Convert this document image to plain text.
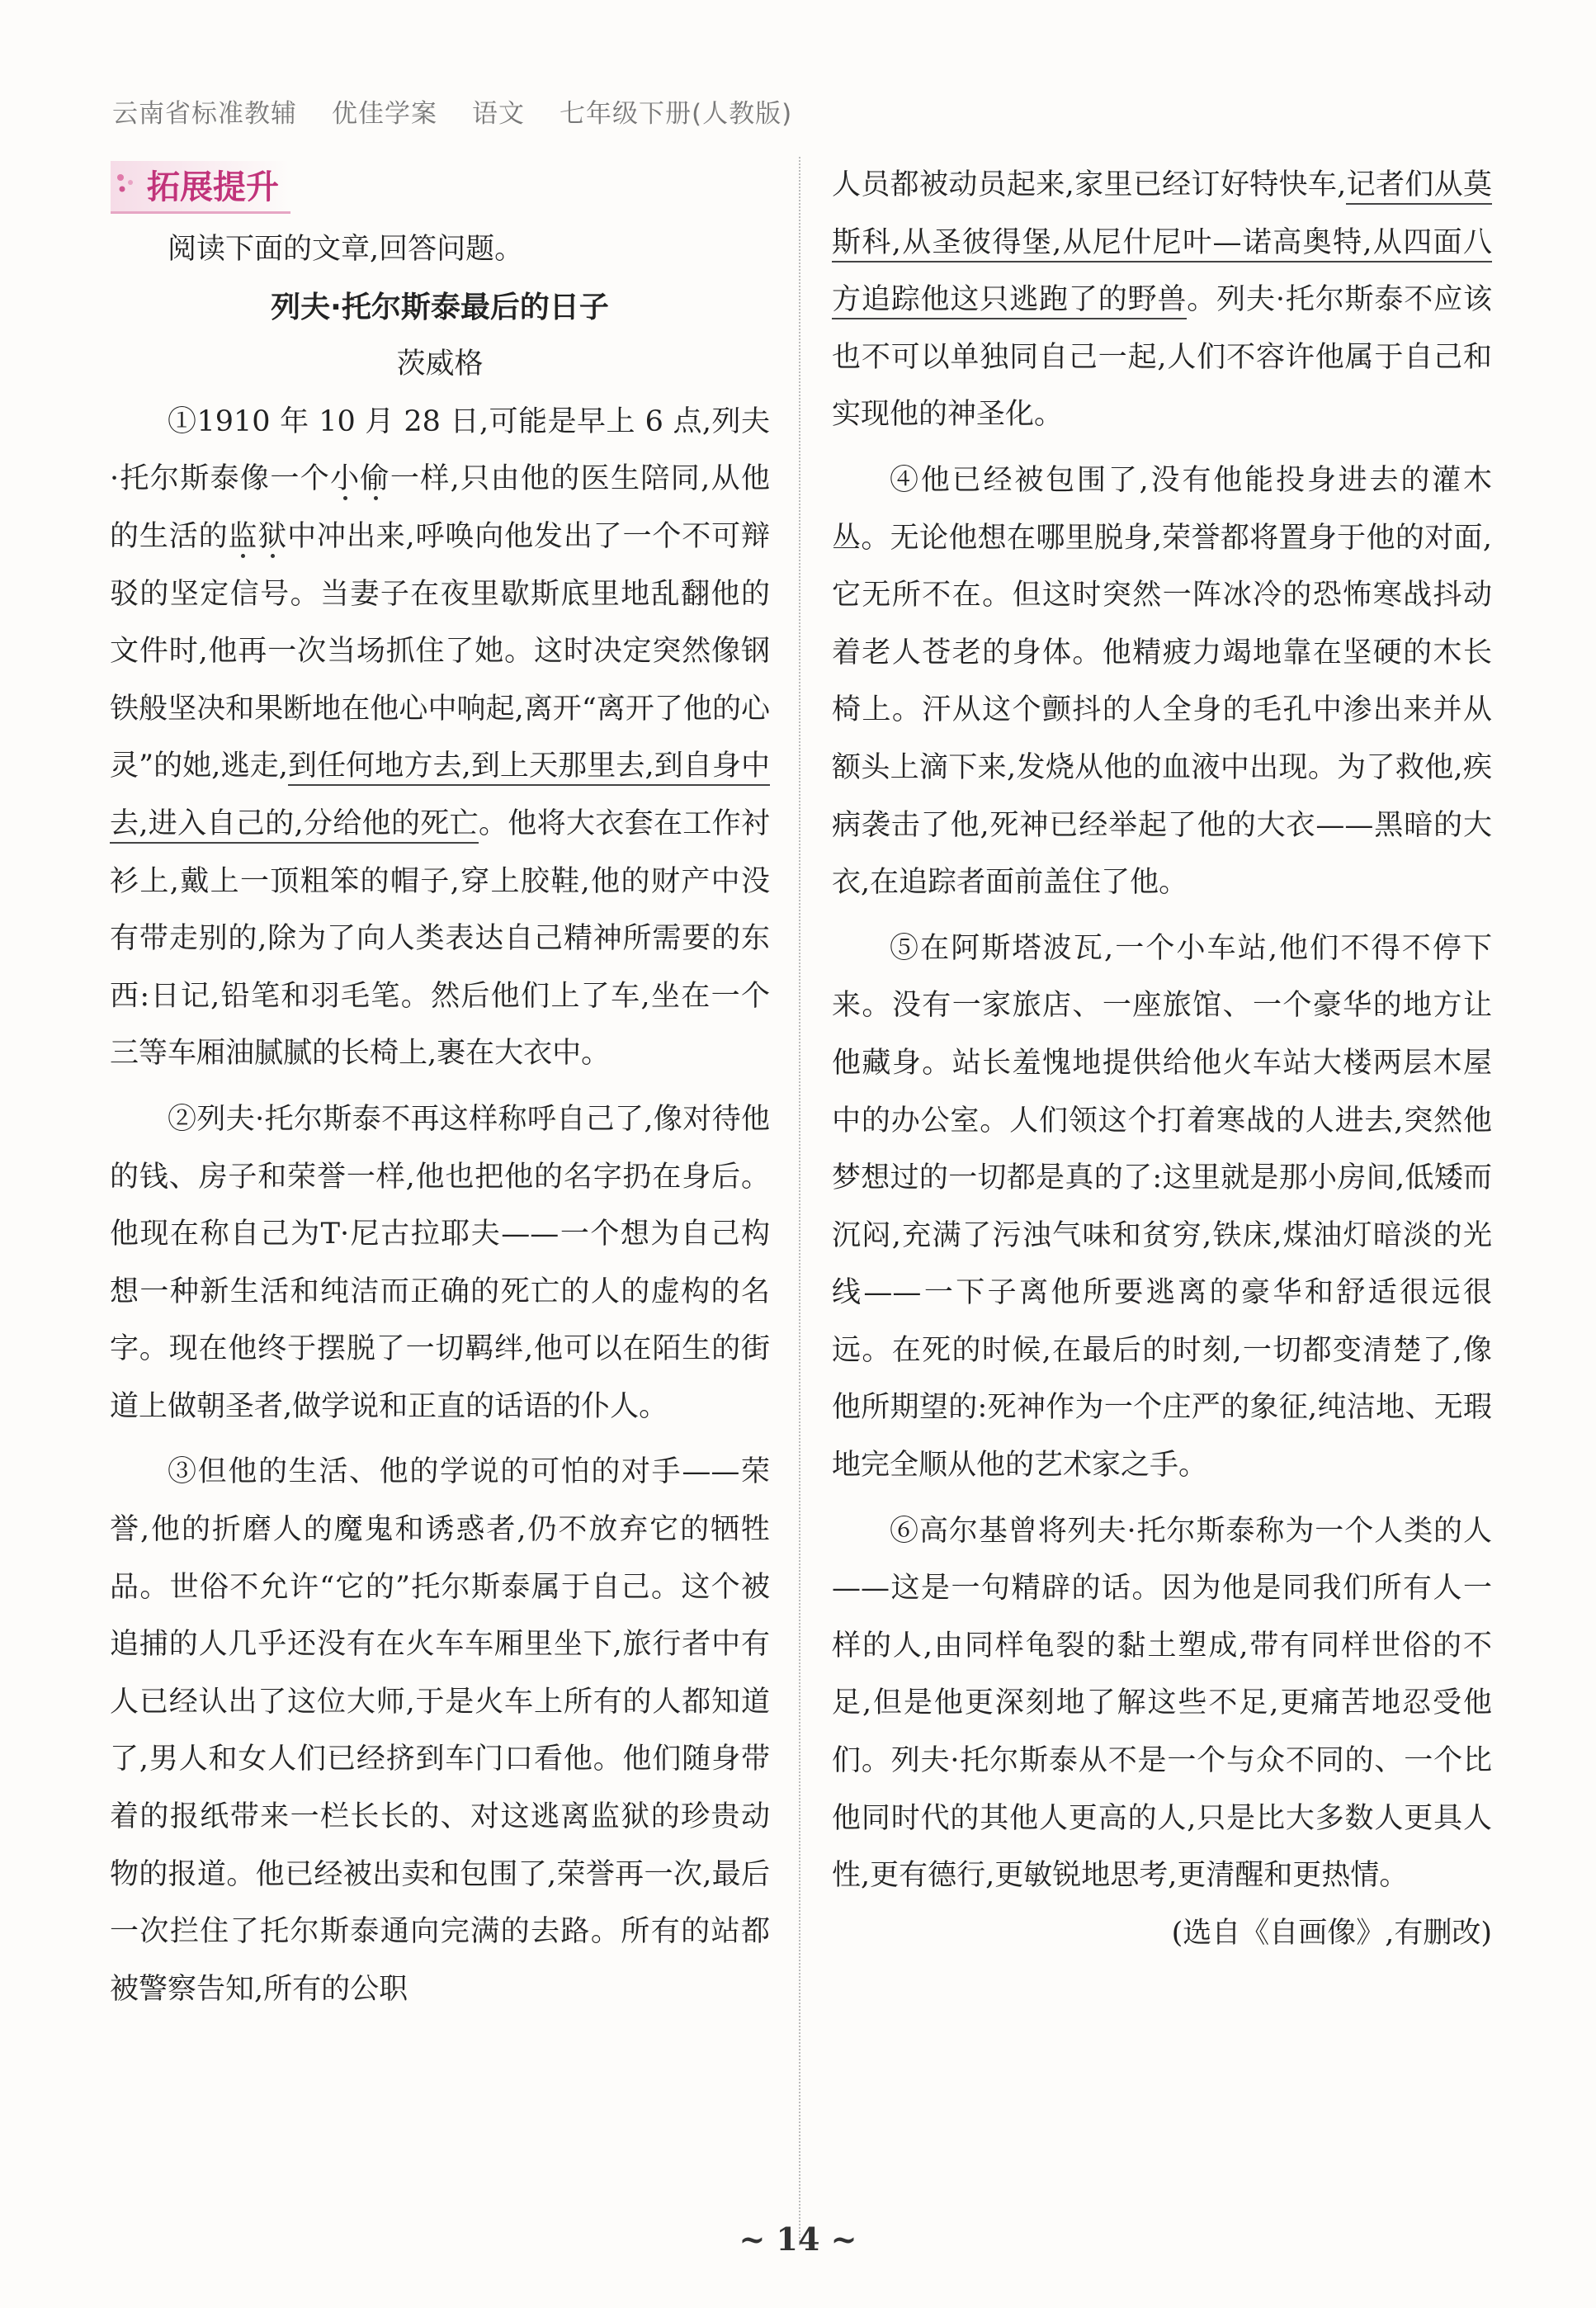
云南省标准教辅 优佳学案 语文 七年级下册(人教版)
拓展提升

阅读下面的文章,回答问题。

列夫·托尔斯泰最后的日子

茨威格

①1910 年 10 月 28 日,可能是早上 6 点,列夫·托尔斯泰像一个小偷一样,只由他的医生陪同,从他的生活的监狱中冲出来,呼唤向他发出了一个不可辩驳的坚定信号。当妻子在夜里歇斯底里地乱翻他的文件时,他再一次当场抓住了她。这时决定突然像钢铁般坚决和果断地在他心中响起,离开“离开了他的心灵”的她,逃走,到任何地方去,到上天那里去,到自身中去,进入自己的,分给他的死亡。他将大衣套在工作衬衫上,戴上一顶粗笨的帽子,穿上胶鞋,他的财产中没有带走别的,除为了向人类表达自己精神所需要的东西:日记,铅笔和羽毛笔。然后他们上了车,坐在一个三等车厢油腻腻的长椅上,裹在大衣中。

②列夫·托尔斯泰不再这样称呼自己了,像对待他的钱、房子和荣誉一样,他也把他的名字扔在身后。他现在称自己为T·尼古拉耶夫——一个想为自己构想一种新生活和纯洁而正确的死亡的人的虚构的名字。现在他终于摆脱了一切羁绊,他可以在陌生的街道上做朝圣者,做学说和正直的话语的仆人。

③但他的生活、他的学说的可怕的对手——荣誉,他的折磨人的魔鬼和诱惑者,仍不放弃它的牺牲品。世俗不允许“它的”托尔斯泰属于自己。这个被追捕的人几乎还没有在火车车厢里坐下,旅行者中有人已经认出了这位大师,于是火车上所有的人都知道了,男人和女人们已经挤到车门口看他。他们随身带着的报纸带来一栏长长的、对这逃离监狱的珍贵动物的报道。他已经被出卖和包围了,荣誉再一次,最后一次拦住了托尔斯泰通向完满的去路。所有的站都被警察告知,所有的公职

人员都被动员起来,家里已经订好特快车,记者们从莫斯科,从圣彼得堡,从尼什尼叶—诺高奥特,从四面八方追踪他这只逃跑了的野兽。列夫·托尔斯泰不应该也不可以单独同自己一起,人们不容许他属于自己和实现他的神圣化。

④他已经被包围了,没有他能投身进去的灌木丛。无论他想在哪里脱身,荣誉都将置身于他的对面,它无所不在。但这时突然一阵冰冷的恐怖寒战抖动着老人苍老的身体。他精疲力竭地靠在坚硬的木长椅上。汗从这个颤抖的人全身的毛孔中渗出来并从额头上滴下来,发烧从他的血液中出现。为了救他,疾病袭击了他,死神已经举起了他的大衣——黑暗的大衣,在追踪者面前盖住了他。

⑤在阿斯塔波瓦,一个小车站,他们不得不停下来。没有一家旅店、一座旅馆、一个豪华的地方让他藏身。站长羞愧地提供给他火车站大楼两层木屋中的办公室。人们领这个打着寒战的人进去,突然他梦想过的一切都是真的了:这里就是那小房间,低矮而沉闷,充满了污浊气味和贫穷,铁床,煤油灯暗淡的光线——一下子离他所要逃离的豪华和舒适很远很远。在死的时候,在最后的时刻,一切都变清楚了,像他所期望的:死神作为一个庄严的象征,纯洁地、无瑕地完全顺从他的艺术家之手。

⑥高尔基曾将列夫·托尔斯泰称为一个人类的人——这是一句精辟的话。因为他是同我们所有人一样的人,由同样龟裂的黏土塑成,带有同样世俗的不足,但是他更深刻地了解这些不足,更痛苦地忍受他们。列夫·托尔斯泰从不是一个与众不同的、一个比他同时代的其他人更高的人,只是比大多数人更具人性,更有德行,更敏锐地思考,更清醒和更热情。

(选自《自画像》,有删改)

~ 14 ~
